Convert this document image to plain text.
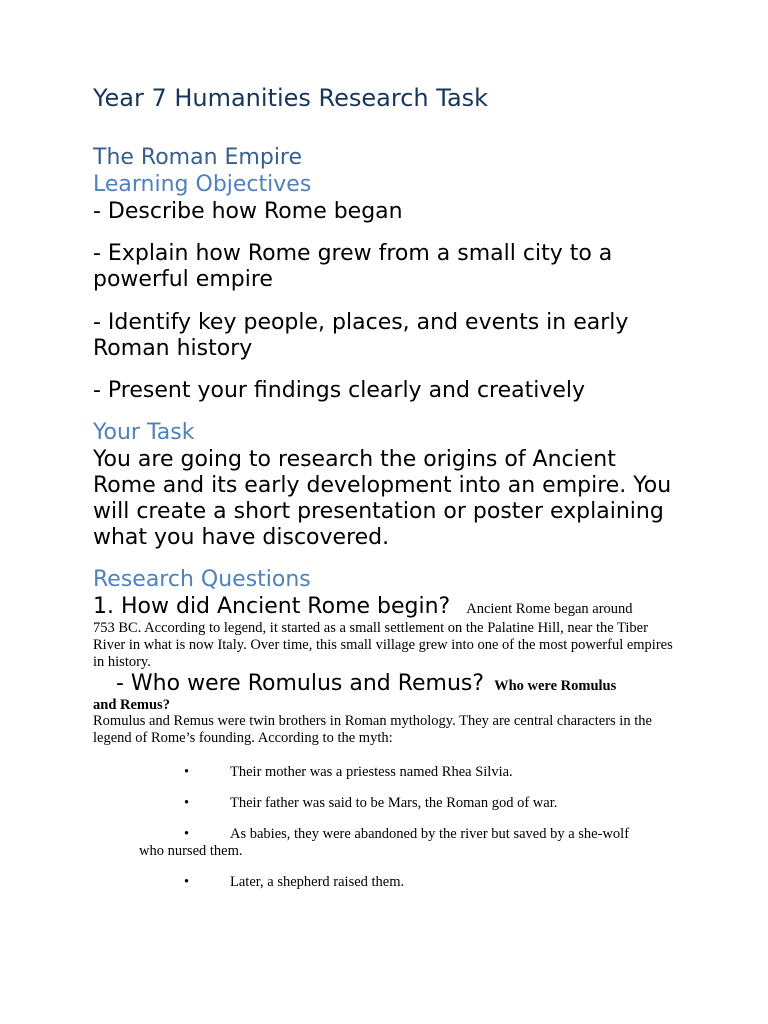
Year 7 Humanities Research Task
The Roman Empire
Learning Objectives
- Describe how Rome began
- Explain how Rome grew from a small city to a powerful empire
- Identify key people, places, and events in early Roman history
- Present your findings clearly and creatively
Your Task
You are going to research the origins of Ancient Rome and its early development into an empire. You will create a short presentation or poster explaining what you have discovered.
Research Questions
1. How did Ancient Rome begin? Ancient Rome began around
753 BC. According to legend, it started as a small settlement on the Palatine Hill, near the Tiber River in what is now Italy. Over time, this small village grew into one of the most powerful empires in history.
- Who were Romulus and Remus? Who were Romulus
and Remus?
Romulus and Remus were twin brothers in Roman mythology. They are central characters in the legend of Rome’s founding. According to the myth:
•	Their mother was a priestess named Rhea Silvia.
•	Their father was said to be Mars, the Roman god of war.
•	As babies, they were abandoned by the river but saved by a she-wolf
who nursed them.
•	Later, a shepherd raised them.
